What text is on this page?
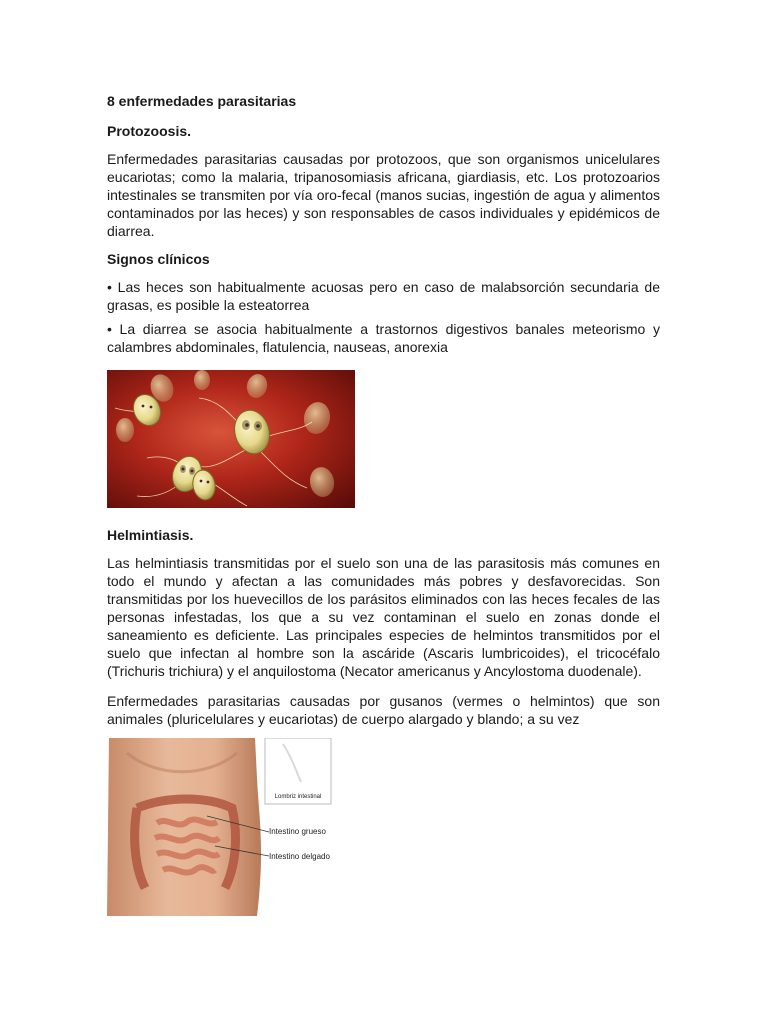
8 enfermedades parasitarias
Protozoosis.

Enfermedades parasitarias causadas por protozoos, que son organismos unicelulares eucariotas; como la malaria, tripanosomiasis africana, giardiasis, etc. Los protozoarios intestinales se transmiten por vía oro-fecal (manos sucias, ingestión de agua y alimentos contaminados por las heces) y son responsables de casos individuales y epidémicos de diarrea.

Signos clínicos

• Las heces son habitualmente acuosas pero en caso de malabsorción secundaria de grasas, es posible la esteatorrea

• La diarrea se asocia habitualmente a trastornos digestivos banales meteorismo y calambres abdominales, flatulencia, nauseas, anorexia

Helmintiasis.

Las helmintiasis transmitidas por el suelo son una de las parasitosis más comunes en todo el mundo y afectan a las comunidades más pobres y desfavorecidas. Son transmitidas por los huevecillos de los parásitos eliminados con las heces fecales de las personas infestadas, los que a su vez contaminan el suelo en zonas donde el saneamiento es deficiente. Las principales especies de helmintos transmitidos por el suelo que infectan al hombre son la ascáride (Ascaris lumbricoides), el tricocéfalo (Trichuris trichiura) y el anquilostoma (Necator americanus y Ancylostoma duodenale).

Enfermedades parasitarias causadas por gusanos (vermes o helmintos) que son animales (pluricelulares y eucariotas) de cuerpo alargado y blando; a su vez

Lombriz intestinal
Intestino grueso
Intestino delgado
